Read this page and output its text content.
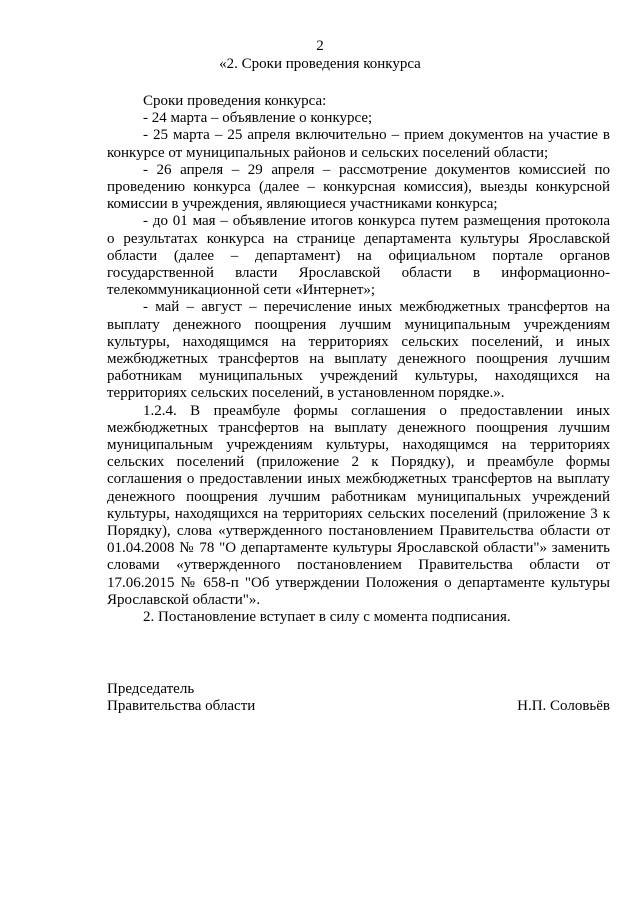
2
«2. Сроки проведения конкурса

Сроки проведения конкурса:

- 24 марта – объявление о конкурсе;

- 25 марта – 25 апреля включительно – прием документов на участие в конкурсе от муниципальных районов и сельских поселений области;

- 26 апреля – 29 апреля – рассмотрение документов комиссией по проведению конкурса (далее – конкурсная комиссия), выезды конкурсной комиссии в учреждения, являющиеся участниками конкурса;

- до 01 мая – объявление итогов конкурса путем размещения протокола о результатах конкурса на странице департамента культуры Ярославской области (далее – департамент) на официальном портале органов государственной власти Ярославской области в информационно-телекоммуникационной сети «Интернет»;

- май – август – перечисление иных межбюджетных трансфертов на выплату денежного поощрения лучшим муниципальным учреждениям культуры, находящимся на территориях сельских поселений, и иных межбюджетных трансфертов на выплату денежного поощрения лучшим работникам муниципальных учреждений культуры, находящихся на территориях сельских поселений, в установленном порядке.».

1.2.4. В преамбуле формы соглашения о предоставлении иных межбюджетных трансфертов на выплату денежного поощрения лучшим муниципальным учреждениям культуры, находящимся на территориях сельских поселений (приложение 2 к Порядку), и преамбуле формы соглашения о предоставлении иных межбюджетных трансфертов на выплату денежного поощрения лучшим работникам муниципальных учреждений культуры, находящихся на территориях сельских поселений (приложение 3 к Порядку), слова «утвержденного постановлением Правительства области от 01.04.2008 № 78 "О департаменте культуры Ярославской области"» заменить словами «утвержденного постановлением Правительства области от 17.06.2015 № 658-п "Об утверждении Положения о департаменте культуры Ярославской области"».

2. Постановление вступает в силу с момента подписания.

Председатель
Правительства области	Н.П. Соловьёв
